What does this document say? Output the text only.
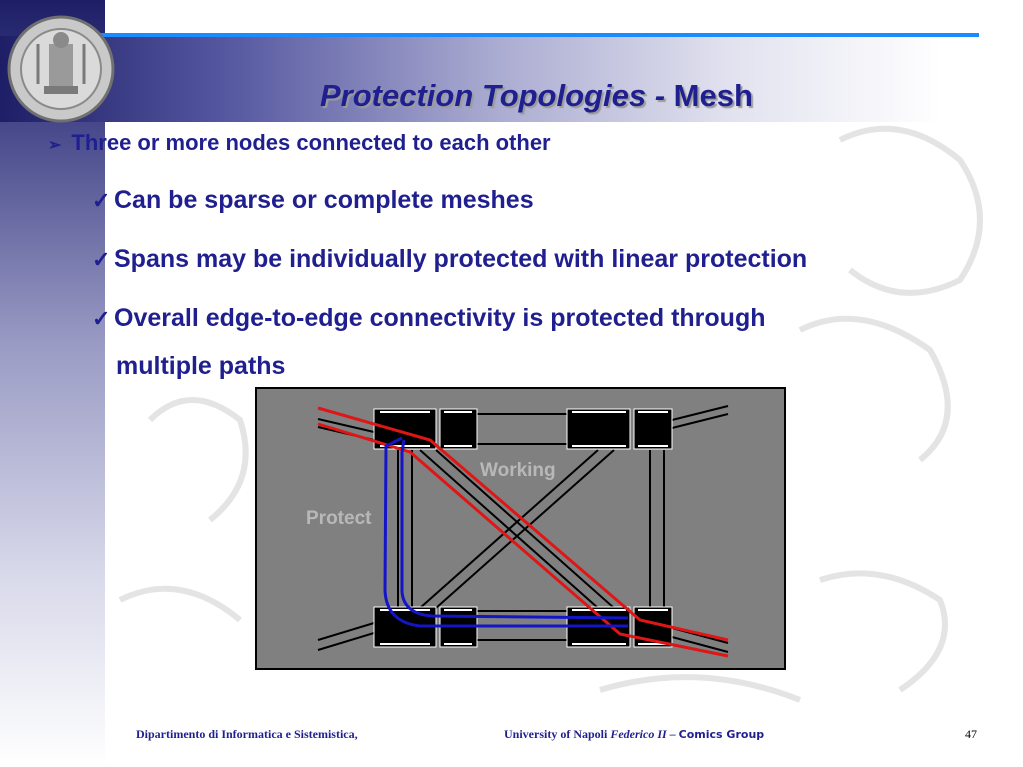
Protection Topologies - Mesh
➢ Three or more nodes connected to each other
✓ Can be sparse or complete meshes
✓ Spans may be individually protected with linear protection
✓ Overall edge-to-edge connectivity is protected through
multiple paths
Working
Protect
Dipartimento di Informatica e Sistemistica,	University of Napoli Federico II – Comics Group	47
